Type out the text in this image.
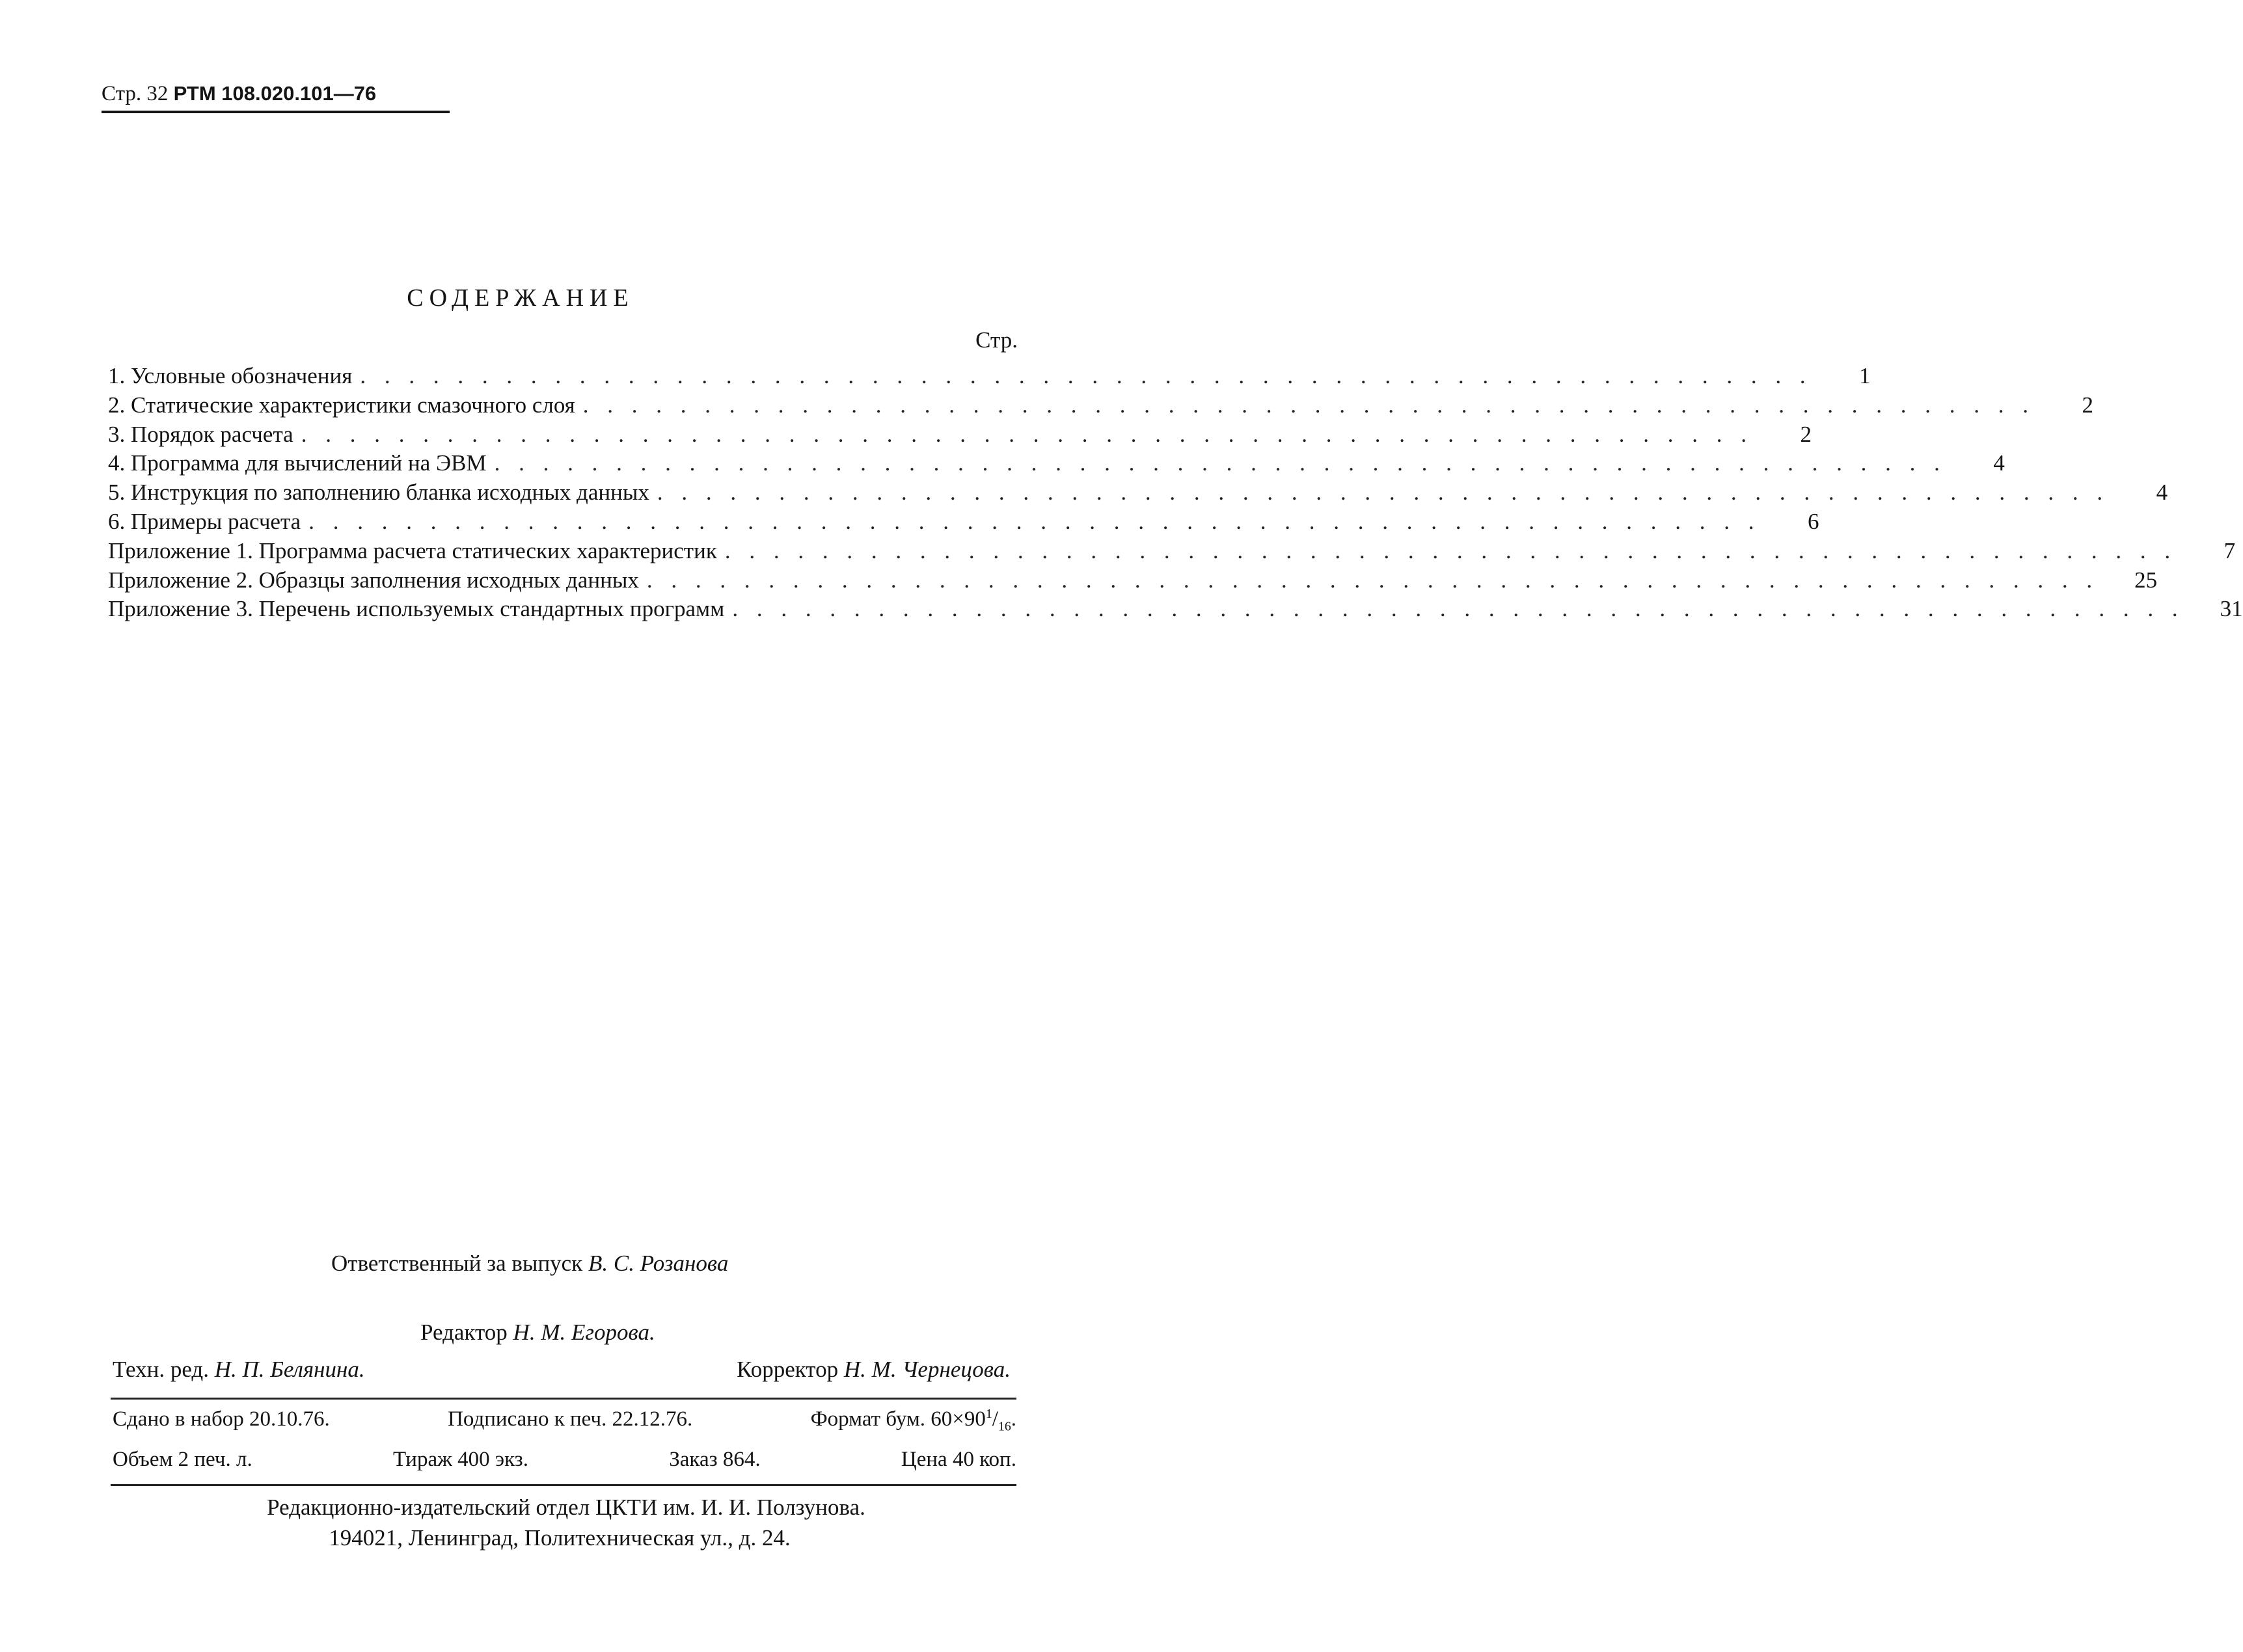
Стр. 32 РТМ 108.020.101—76
СОДЕРЖАНИЕ
Стр.
1. Условные обозначения . . . . . . . . . . . . . . . . . . . . . . . . . . . . . . . . . . . . . . . . . . . . . . . . . . . . . . . . . . . .	1
2. Статические характеристики смазочного слоя . . . . . . . . . . . . . . . . . . . . . . . . . . . . . . . . . . . . . . . . . . . . . . . . . . . . . . . . . . . .	2
3. Порядок расчета . . . . . . . . . . . . . . . . . . . . . . . . . . . . . . . . . . . . . . . . . . . . . . . . . . . . . . . . . . . .	2
4. Программа для вычислений на ЭВМ . . . . . . . . . . . . . . . . . . . . . . . . . . . . . . . . . . . . . . . . . . . . . . . . . . . . . . . . . . . .	4
5. Инструкция по заполнению бланка исходных данных . . . . . . . . . . . . . . . . . . . . . . . . . . . . . . . . . . . . . . . . . . . . . . . . . . . . . . . . . . . .	4
6. Примеры расчета . . . . . . . . . . . . . . . . . . . . . . . . . . . . . . . . . . . . . . . . . . . . . . . . . . . . . . . . . . . .	6
Приложение 1. Программа расчета статических характеристик . . . . . . . . . . . . . . . . . . . . . . . . . . . . . . . . . . . . . . . . . . . . . . . . . . . . . . . . . . . .	7
Приложение 2. Образцы заполнения исходных данных . . . . . . . . . . . . . . . . . . . . . . . . . . . . . . . . . . . . . . . . . . . . . . . . . . . . . . . . . . . .	25
Приложение 3. Перечень используемых стандартных программ . . . . . . . . . . . . . . . . . . . . . . . . . . . . . . . . . . . . . . . . . . . . . . . . . . . . . . . . . . . .	31
Ответственный за выпуск В. С. Розанова
Редактор Н. М. Егорова.
Техн. ред. Н. П. Белянина.	Корректор Н. М. Чернецова.
Сдано в набор 20.10.76.	Подписано к печ. 22.12.76.	Формат бум. $60\times 90^1/_{16}$.
Объем 2 печ. л.	Тираж 400 экз.	Заказ 864.	Цена 40 коп.
Редакционно-издательский отдел ЦКТИ им. И. И. Ползунова.
194021, Ленинград, Политехническая ул., д. 24.
